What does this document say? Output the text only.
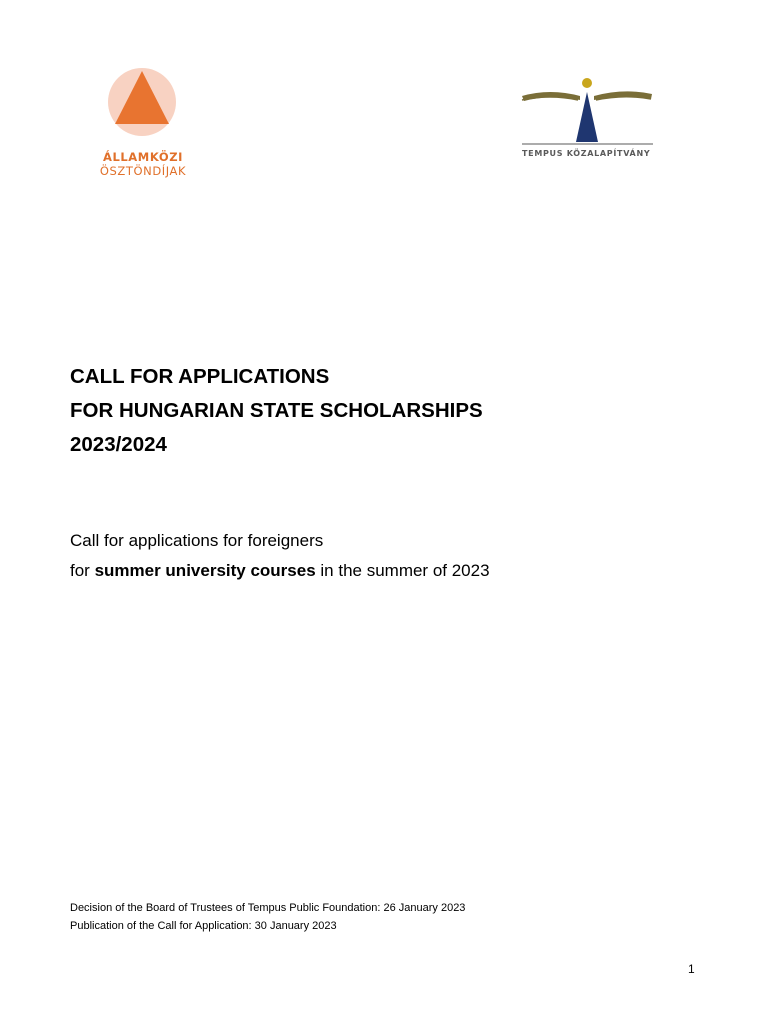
ÁLLAMKÖZI
ÖSZTÖNDÍJAK
TEMPUS KÖZALAPÍTVÁNY
CALL FOR APPLICATIONS
FOR HUNGARIAN STATE SCHOLARSHIPS
2023/2024
Call for applications for foreigners
for summer university courses in the summer of 2023
Decision of the Board of Trustees of Tempus Public Foundation: 26 January 2023
Publication of the Call for Application: 30 January 2023
1
